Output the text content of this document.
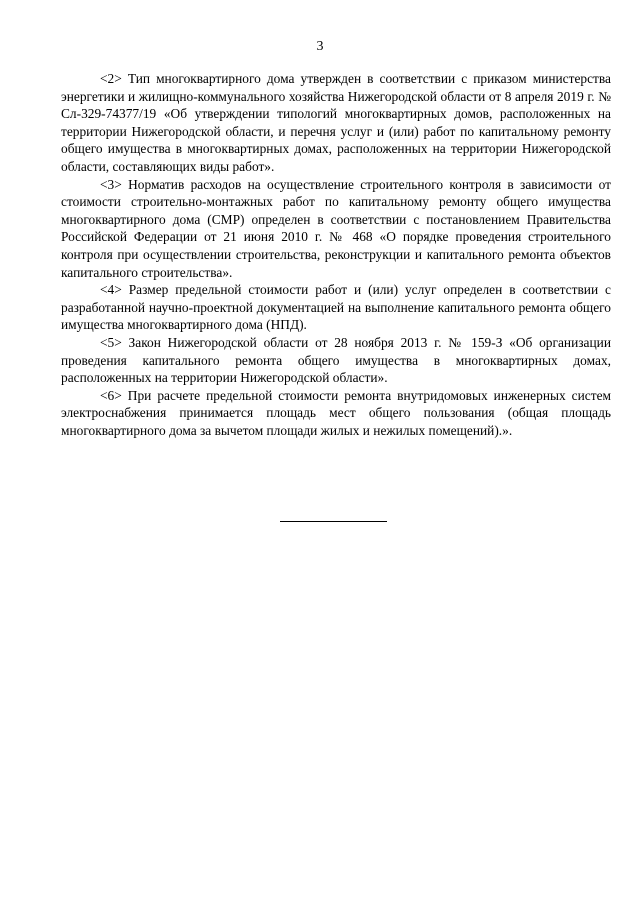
3

<2> Тип многоквартирного дома утвержден в соответствии с приказом министерства энергетики и жилищно-коммунального хозяйства Нижегородской области от 8 апреля 2019 г. № Сл-329-74377/19 «Об утверждении типологий многоквартирных домов, расположенных на территории Нижегородской области, и перечня услуг и (или) работ по капитальному ремонту общего имущества в многоквартирных домах, расположенных на территории Нижегородской области, составляющих виды работ».

<3> Норматив расходов на осуществление строительного контроля в зависимости от стоимости строительно-монтажных работ по капитальному ремонту общего имущества многоквартирного дома (СМР) определен в соответствии с постановлением Правительства Российской Федерации от 21 июня 2010 г. № 468 «О порядке проведения строительного контроля при осуществлении строительства, реконструкции и капитального ремонта объектов капитального строительства».

<4> Размер предельной стоимости работ и (или) услуг определен в соответствии с разработанной научно-проектной документацией на выполнение капитального ремонта общего имущества многоквартирного дома (НПД).

<5> Закон Нижегородской области от 28 ноября 2013 г. № 159-З «Об организации проведения капитального ремонта общего имущества в многоквартирных домах, расположенных на территории Нижегородской области».

<6> При расчете предельной стоимости ремонта внутридомовых инженерных систем электроснабжения принимается площадь мест общего пользования (общая площадь многоквартирного дома за вычетом площади жилых и нежилых помещений).».
